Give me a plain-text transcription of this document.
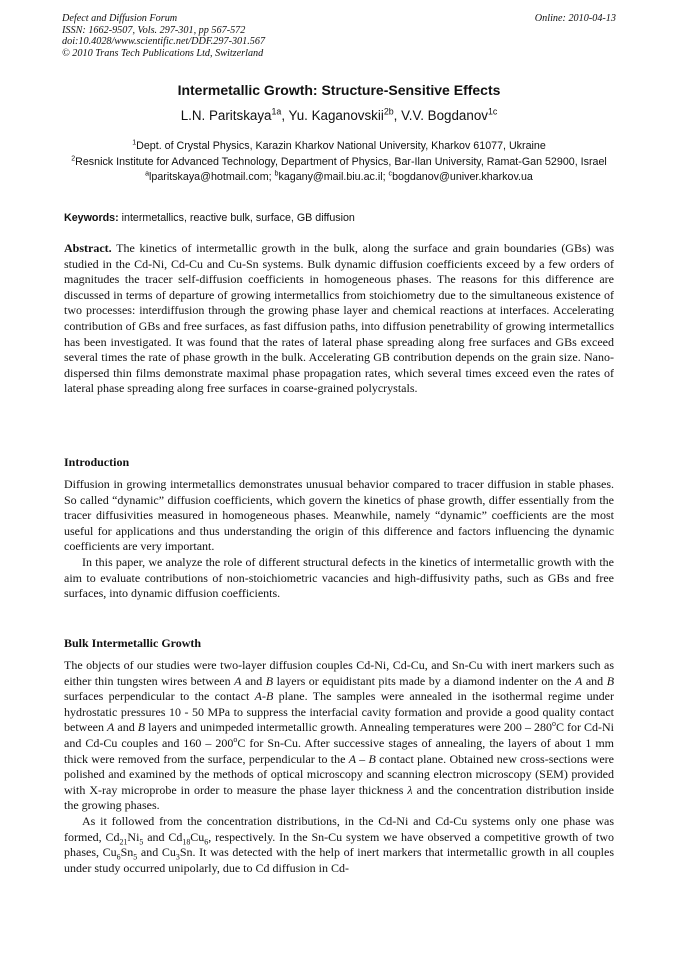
Defect and Diffusion Forum
ISSN: 1662-9507, Vols. 297-301, pp 567-572
doi:10.4028/www.scientific.net/DDF.297-301.567
© 2010 Trans Tech Publications Ltd, Switzerland
Online: 2010-04-13
Intermetallic Growth: Structure-Sensitive Effects
L.N. Paritskaya$^{1a}$, Yu. Kaganovskii$^{2b}$, V.V. Bogdanov$^{1c}$
$^1$Dept. of Crystal Physics, Karazin Kharkov National University, Kharkov 61077, Ukraine
$^2$Resnick Institute for Advanced Technology, Department of Physics, Bar-Ilan University, Ramat-Gan 52900, Israel
$^a$lparitskaya@hotmail.com; $^b$kagany@mail.biu.ac.il; $^c$bogdanov@univer.kharkov.ua
Keywords: intermetallics, reactive bulk, surface, GB diffusion

Abstract. The kinetics of intermetallic growth in the bulk, along the surface and grain boundaries (GBs) was studied in the Cd-Ni, Cd-Cu and Cu-Sn systems. Bulk dynamic diffusion coefficients exceed by a few orders of magnitudes the tracer self-diffusion coefficients in homogeneous phases. The reasons for this difference are discussed in terms of departure of growing intermetallics from stoichiometry due to the simultaneous existence of two processes: interdiffusion through the growing phase layer and chemical reactions at interfaces. Accelerating contribution of GBs and free surfaces, as fast diffusion paths, into diffusion penetrability of growing intermetallics has been investigated. It was found that the rates of lateral phase spreading along free surfaces and GBs exceed several times the rate of phase growth in the bulk. Accelerating GB contribution depends on the grain size. Nano-dispersed thin films demonstrate maximal phase propagation rates, which several times exceed even the rates of lateral phase spreading along free surfaces in coarse-grained polycrystals.

Introduction

Diffusion in growing intermetallics demonstrates unusual behavior compared to tracer diffusion in stable phases. So called “dynamic” diffusion coefficients, which govern the kinetics of phase growth, differ essentially from the tracer diffusivities measured in homogeneous phases. Meanwhile, namely “dynamic” coefficients are the most useful for applications and thus understanding the origin of this difference and factors influencing the dynamic coefficients are very important.

In this paper, we analyze the role of different structural defects in the kinetics of intermetallic growth with the aim to evaluate contributions of non-stoichiometric vacancies and high-diffusivity paths, such as GBs and free surfaces, into dynamic diffusion coefficients.

Bulk Intermetallic Growth

The objects of our studies were two-layer diffusion couples Cd-Ni, Cd-Cu, and Sn-Cu with inert markers such as either thin tungsten wires between A and B layers or equidistant pits made by a diamond indenter on the A and B surfaces perpendicular to the contact A-B plane. The samples were annealed in the isothermal regime under hydrostatic pressures 10 - 50 MPa to suppress the interfacial cavity formation and provide a good quality contact between A and B layers and unimpeded intermetallic growth. Annealing temperatures were 200 – 280$^o$C for Cd-Ni and Cd-Cu couples and 160 – 200$^o$C for Sn-Cu. After successive stages of annealing, the layers of about 1 mm thick were removed from the surface, perpendicular to the A – B contact plane. Obtained new cross-sections were polished and examined by the methods of optical microscopy and scanning electron microscopy (SEM) provided with X-ray microprobe in order to measure the phase layer thickness λ and the concentration distribution inside the growing phases.

As it followed from the concentration distributions, in the Cd-Ni and Cd-Cu systems only one phase was formed, $Cd_{21}Ni_5$ and $Cd_{18}Cu_6$, respectively. In the Sn-Cu system we have observed a competitive growth of two phases, $Cu_6Sn_5$ and $Cu_3Sn$. It was detected with the help of inert markers that intermetallic growth in all couples under study occurred unipolarly, due to Cd diffusion in Cd-
